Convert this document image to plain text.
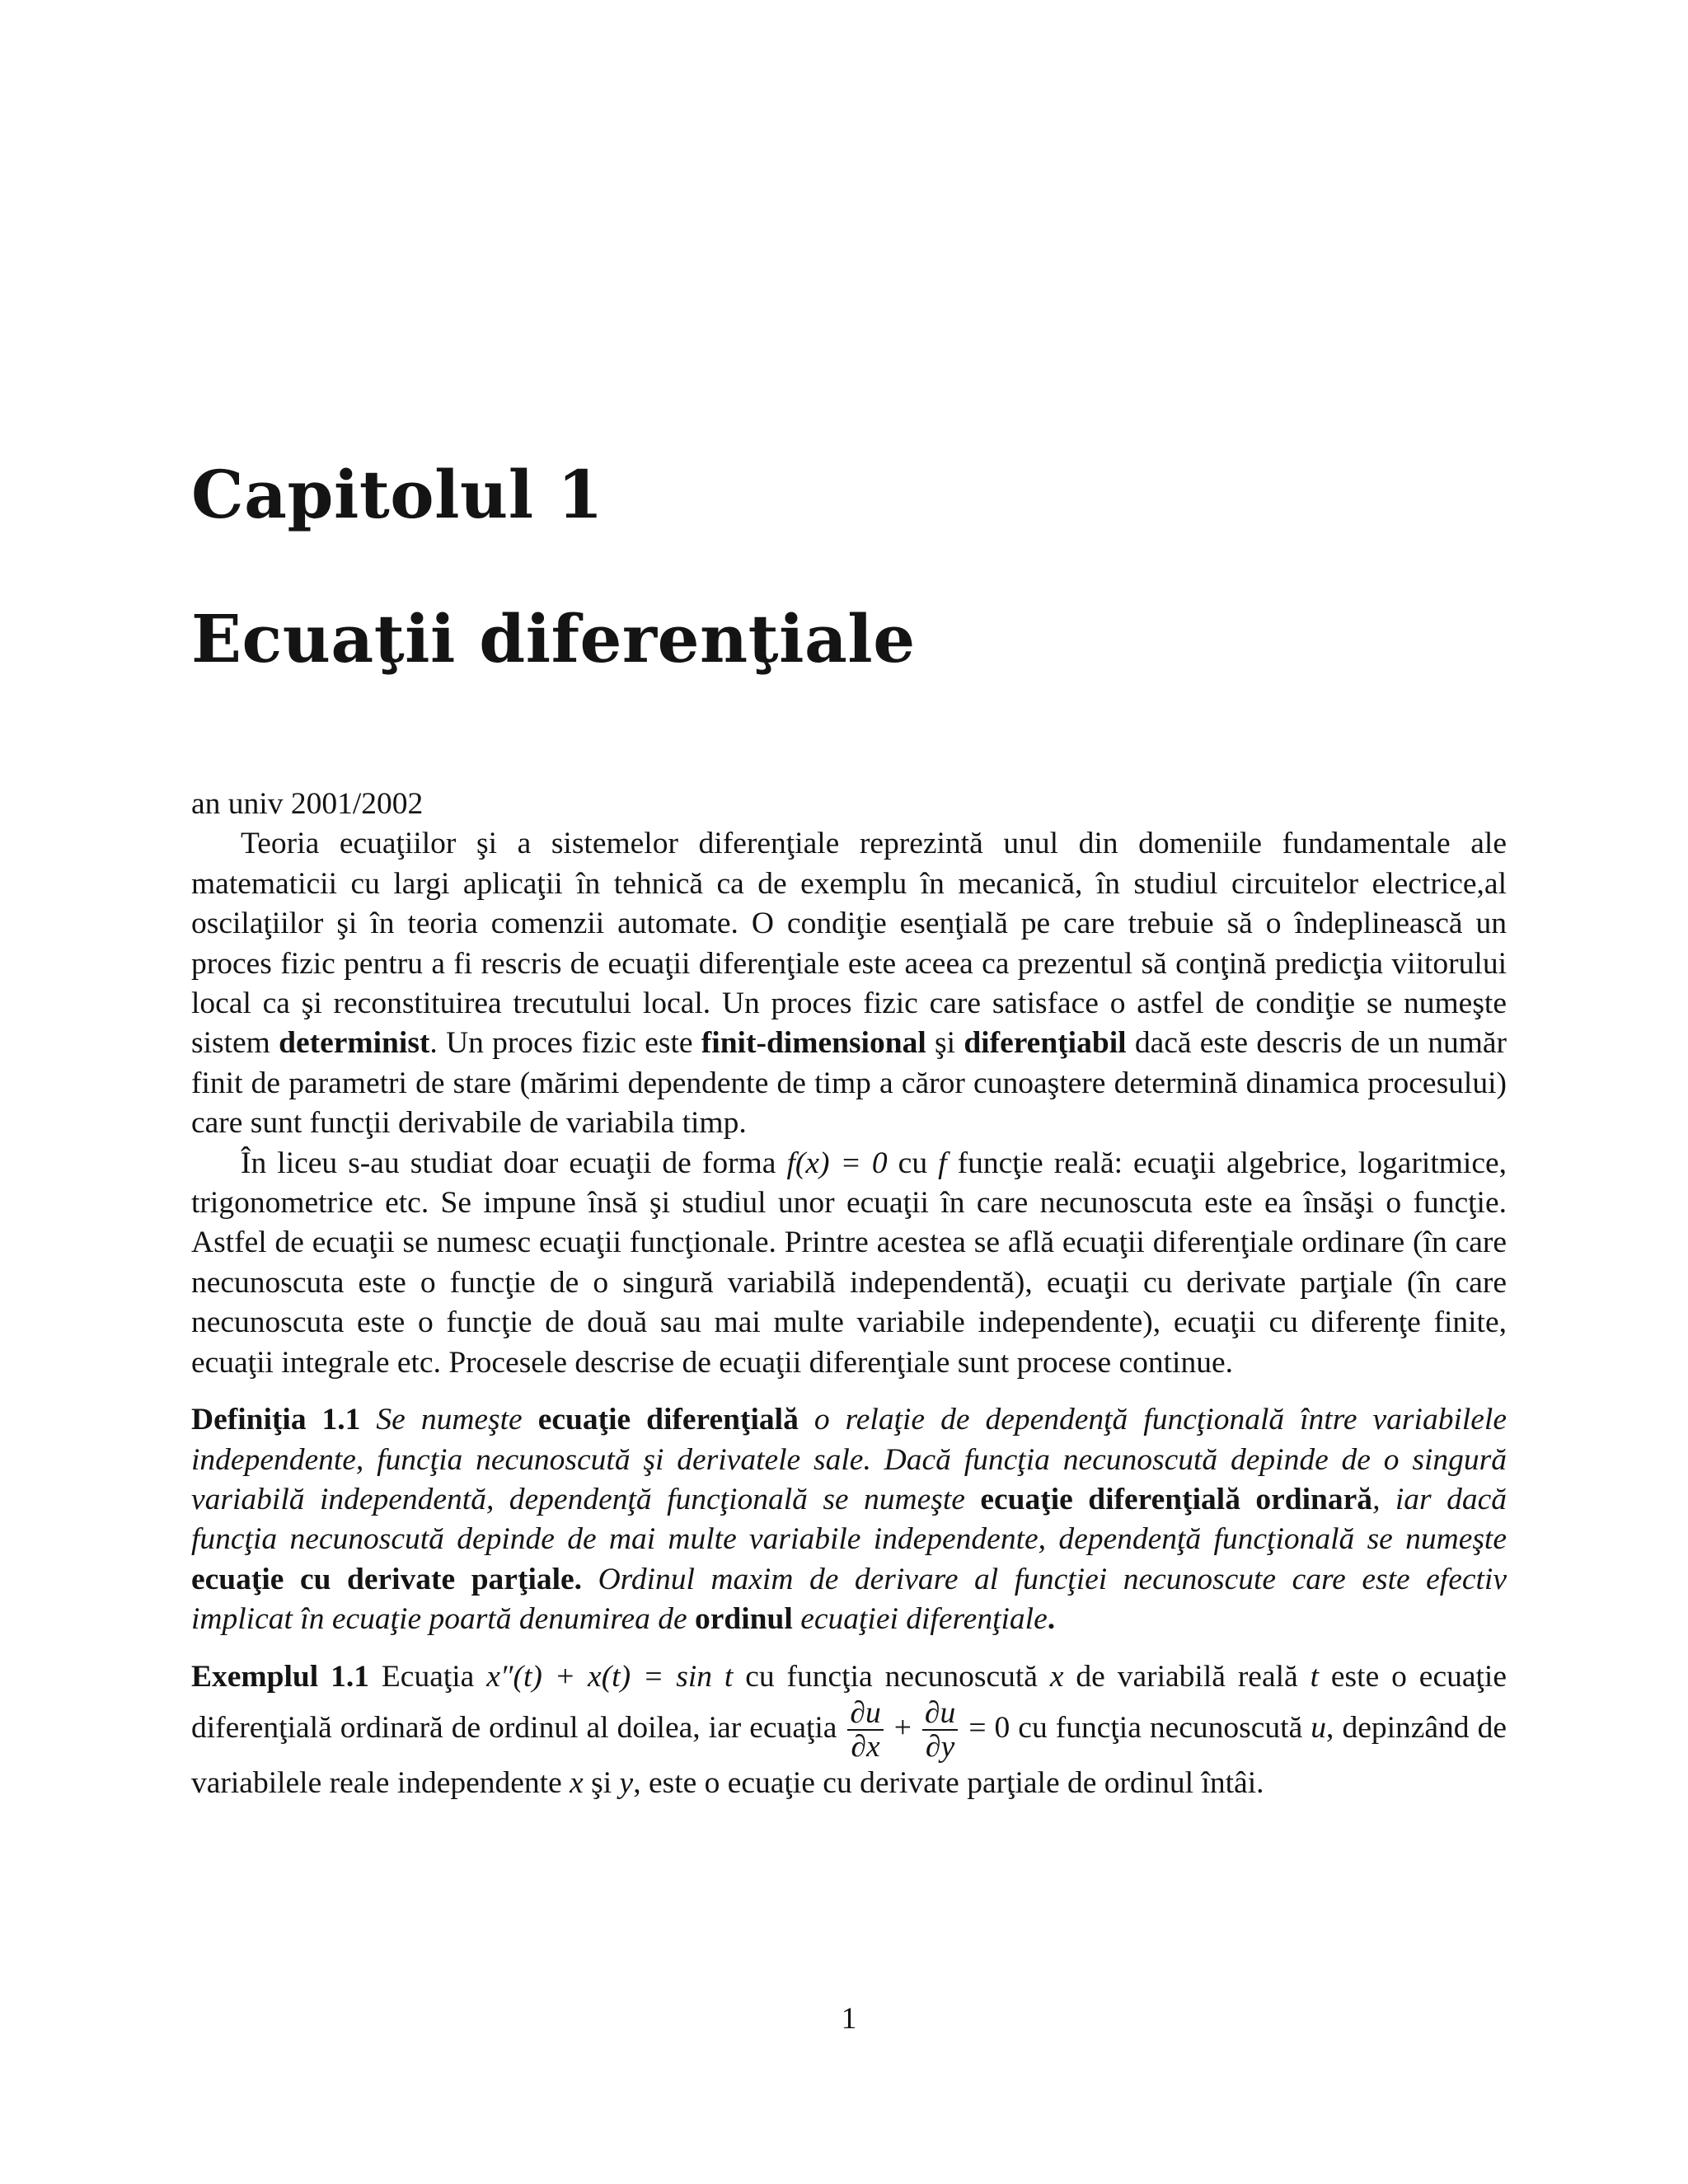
Capitolul 1
Ecuaţii diferenţiale

an univ 2001/2002

Teoria ecuaţiilor şi a sistemelor diferenţiale reprezintă unul din domeniile fundamentale ale matematicii cu largi aplicaţii în tehnică ca de exemplu în mecanică, în studiul circuitelor electrice,al oscilaţiilor şi în teoria comenzii automate. O condiţie esenţială pe care trebuie să o îndeplinească un proces fizic pentru a fi rescris de ecuaţii diferenţiale este aceea ca prezentul să conţină predicţia viitorului local ca şi reconstituirea trecutului local. Un proces fizic care satisface o astfel de condiţie se numeşte sistem determinist. Un proces fizic este finit-dimensional şi diferenţiabil dacă este descris de un număr finit de parametri de stare (mărimi dependente de timp a căror cunoaştere determină dinamica procesului) care sunt funcţii derivabile de variabila timp.

În liceu s-au studiat doar ecuaţii de forma f(x) = 0 cu f funcţie reală: ecuaţii algebrice, logaritmice, trigonometrice etc. Se impune însă şi studiul unor ecuaţii în care necunoscuta este ea însăşi o funcţie. Astfel de ecuaţii se numesc ecuaţii funcţionale. Printre acestea se află ecuaţii diferenţiale ordinare (în care necunoscuta este o funcţie de o singură variabilă independentă), ecuaţii cu derivate parţiale (în care necunoscuta este o funcţie de două sau mai multe variabile independente), ecuaţii cu diferenţe finite, ecuaţii integrale etc. Procesele descrise de ecuaţii diferenţiale sunt procese continue.

Definiţia 1.1 Se numeşte ecuaţie diferenţială o relaţie de dependenţă funcţională între variabilele independente, funcţia necunoscută şi derivatele sale. Dacă funcţia necunoscută depinde de o singură variabilă independentă, dependenţă funcţională se numeşte ecuaţie diferenţială ordinară, iar dacă funcţia necunoscută depinde de mai multe variabile independente, dependenţă funcţională se numeşte ecuaţie cu derivate parţiale. Ordinul maxim de derivare al funcţiei necunoscute care este efectiv implicat în ecuaţie poartă denumirea de ordinul ecuaţiei diferenţiale.

Exemplul 1.1 Ecuaţia x″(t) + x(t) = sin t cu funcţia necunoscută x de variabilă reală t este o ecuaţie diferenţială ordinară de ordinul al doilea, iar ecuaţia $\frac{\partial u}{\partial x} + \frac{\partial u}{\partial y} = 0$ cu funcţia necunoscută u, depinzând de variabilele reale independente x şi y, este o ecuaţie cu derivate parţiale de ordinul întâi.

1
